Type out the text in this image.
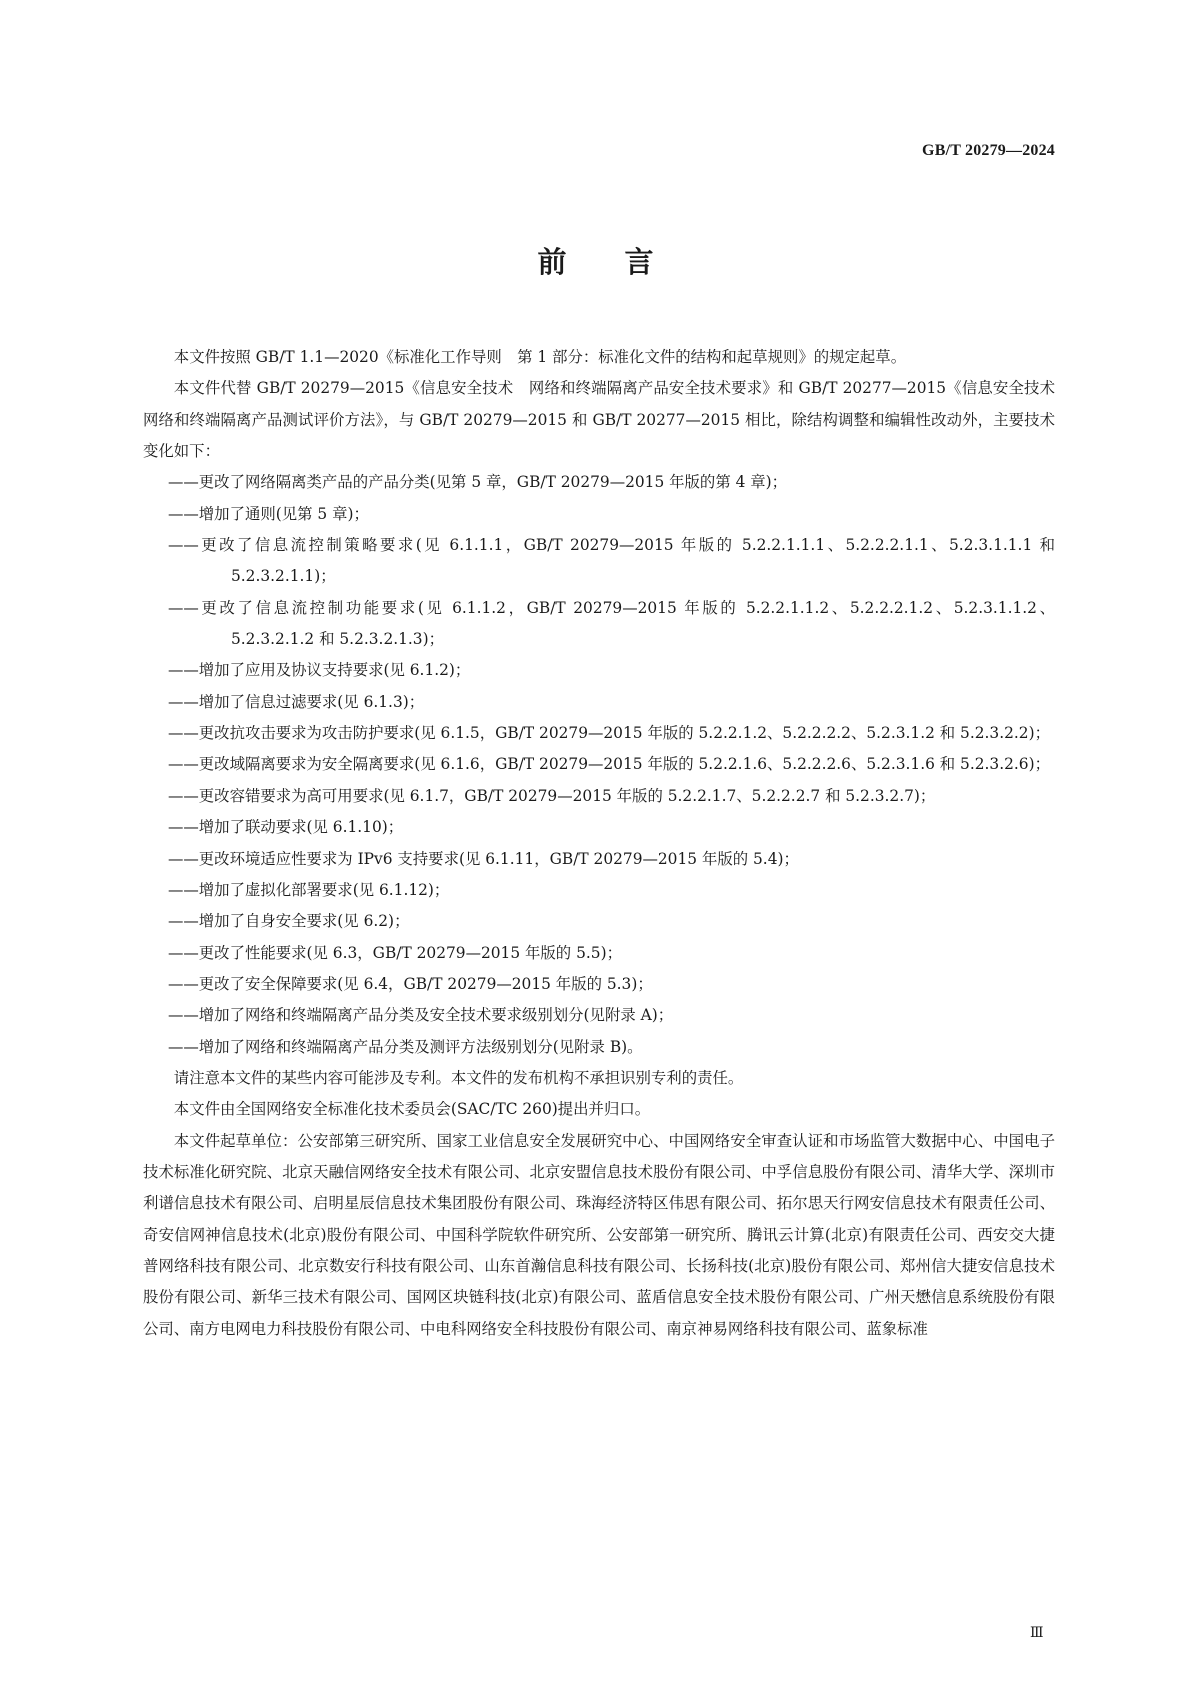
GB/T 20279—2024
前言

本文件按照 GB/T 1.1—2020《标准化工作导则　第 1 部分：标准化文件的结构和起草规则》的规定起草。

本文件代替 GB/T 20279—2015《信息安全技术　网络和终端隔离产品安全技术要求》和 GB/T 20277—2015《信息安全技术　网络和终端隔离产品测试评价方法》，与 GB/T 20279—2015 和 GB/T 20277—2015 相比，除结构调整和编辑性改动外，主要技术变化如下：

——更改了网络隔离类产品的产品分类(见第 5 章，GB/T 20279—2015 年版的第 4 章)；
——增加了通则(见第 5 章)；
——更改了信息流控制策略要求(见 6.1.1.1，GB/T 20279—2015 年版的 5.2.2.1.1.1、5.2.2.2.1.1、5.2.3.1.1.1 和 5.2.3.2.1.1)；
——更改了信息流控制功能要求(见 6.1.1.2，GB/T 20279—2015 年版的 5.2.2.1.1.2、5.2.2.2.1.2、5.2.3.1.1.2、5.2.3.2.1.2 和 5.2.3.2.1.3)；
——增加了应用及协议支持要求(见 6.1.2)；
——增加了信息过滤要求(见 6.1.3)；
——更改抗攻击要求为攻击防护要求(见 6.1.5，GB/T 20279—2015 年版的 5.2.2.1.2、5.2.2.2.2、5.2.3.1.2 和 5.2.3.2.2)；
——更改域隔离要求为安全隔离要求(见 6.1.6，GB/T 20279—2015 年版的 5.2.2.1.6、5.2.2.2.6、5.2.3.1.6 和 5.2.3.2.6)；
——更改容错要求为高可用要求(见 6.1.7，GB/T 20279—2015 年版的 5.2.2.1.7、5.2.2.2.7 和 5.2.3.2.7)；
——增加了联动要求(见 6.1.10)；
——更改环境适应性要求为 IPv6 支持要求(见 6.1.11，GB/T 20279—2015 年版的 5.4)；
——增加了虚拟化部署要求(见 6.1.12)；
——增加了自身安全要求(见 6.2)；
——更改了性能要求(见 6.3，GB/T 20279—2015 年版的 5.5)；
——更改了安全保障要求(见 6.4，GB/T 20279—2015 年版的 5.3)；
——增加了网络和终端隔离产品分类及安全技术要求级别划分(见附录 A)；
——增加了网络和终端隔离产品分类及测评方法级别划分(见附录 B)。

请注意本文件的某些内容可能涉及专利。本文件的发布机构不承担识别专利的责任。

本文件由全国网络安全标准化技术委员会(SAC/TC 260)提出并归口。

本文件起草单位：公安部第三研究所、国家工业信息安全发展研究中心、中国网络安全审查认证和市场监管大数据中心、中国电子技术标准化研究院、北京天融信网络安全技术有限公司、北京安盟信息技术股份有限公司、中孚信息股份有限公司、清华大学、深圳市利谱信息技术有限公司、启明星辰信息技术集团股份有限公司、珠海经济特区伟思有限公司、拓尔思天行网安信息技术有限责任公司、奇安信网神信息技术(北京)股份有限公司、中国科学院软件研究所、公安部第一研究所、腾讯云计算(北京)有限责任公司、西安交大捷普网络科技有限公司、北京数安行科技有限公司、山东首瀚信息科技有限公司、长扬科技(北京)股份有限公司、郑州信大捷安信息技术股份有限公司、新华三技术有限公司、国网区块链科技(北京)有限公司、蓝盾信息安全技术股份有限公司、广州天懋信息系统股份有限公司、南方电网电力科技股份有限公司、中电科网络安全科技股份有限公司、南京神易网络科技有限公司、蓝象标准

Ⅲ
